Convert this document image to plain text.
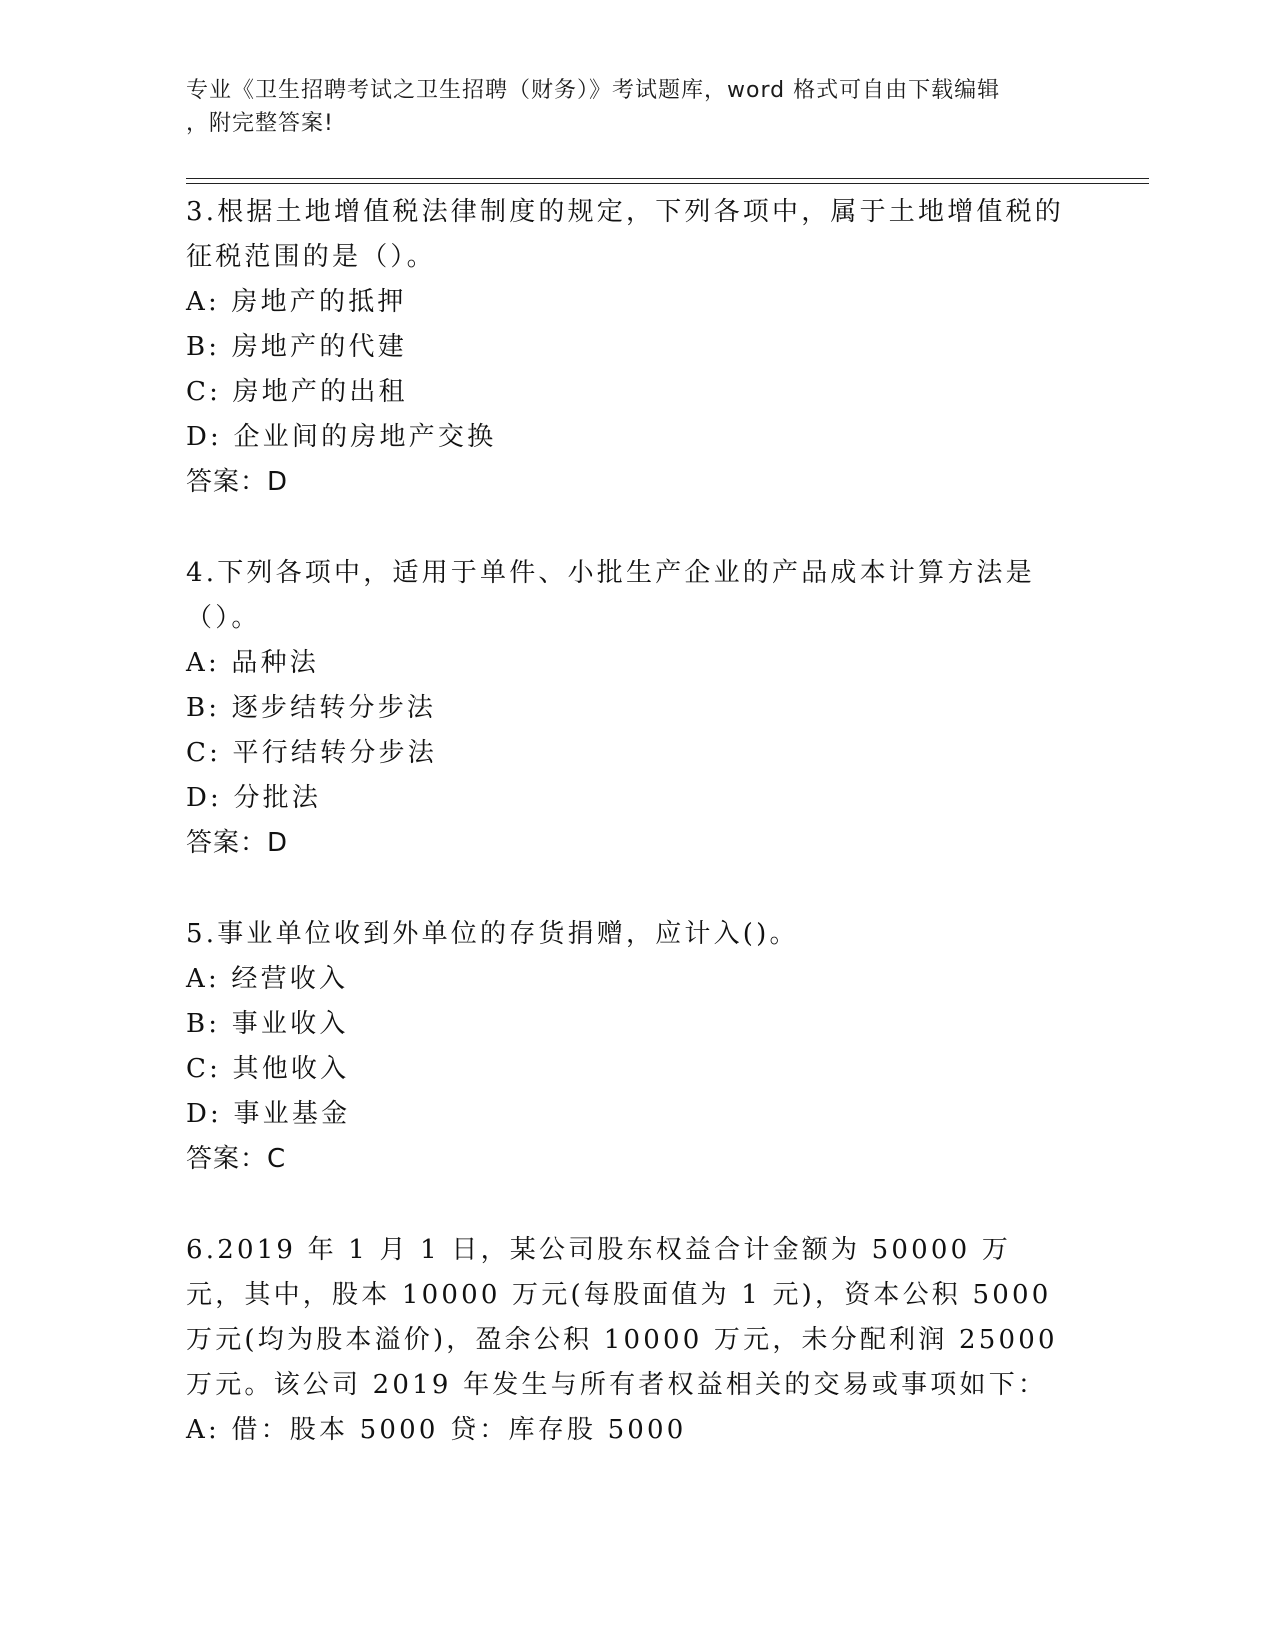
专业《卫生招聘考试之卫生招聘（财务）》考试题库，word 格式可自由下载编辑
，附完整答案!
3.根据土地增值税法律制度的规定，下列各项中，属于土地增值税的征税范围的是（）。
A: 房地产的抵押
B: 房地产的代建
C: 房地产的出租
D: 企业间的房地产交换
答案：D
4.下列各项中，适用于单件、小批生产企业的产品成本计算方法是（）。
A: 品种法
B: 逐步结转分步法
C: 平行结转分步法
D: 分批法
答案：D
5.事业单位收到外单位的存货捐赠，应计入()。
A: 经营收入
B: 事业收入
C: 其他收入
D: 事业基金
答案：C
6.2019 年 1 月 1 日，某公司股东权益合计金额为 50000 万元，其中，股本 10000 万元(每股面值为 1 元)，资本公积 5000 万元(均为股本溢价)，盈余公积 10000 万元，未分配利润 25000 万元。该公司 2019 年发生与所有者权益相关的交易或事项如下：
A: 借：股本 5000 贷：库存股 5000
